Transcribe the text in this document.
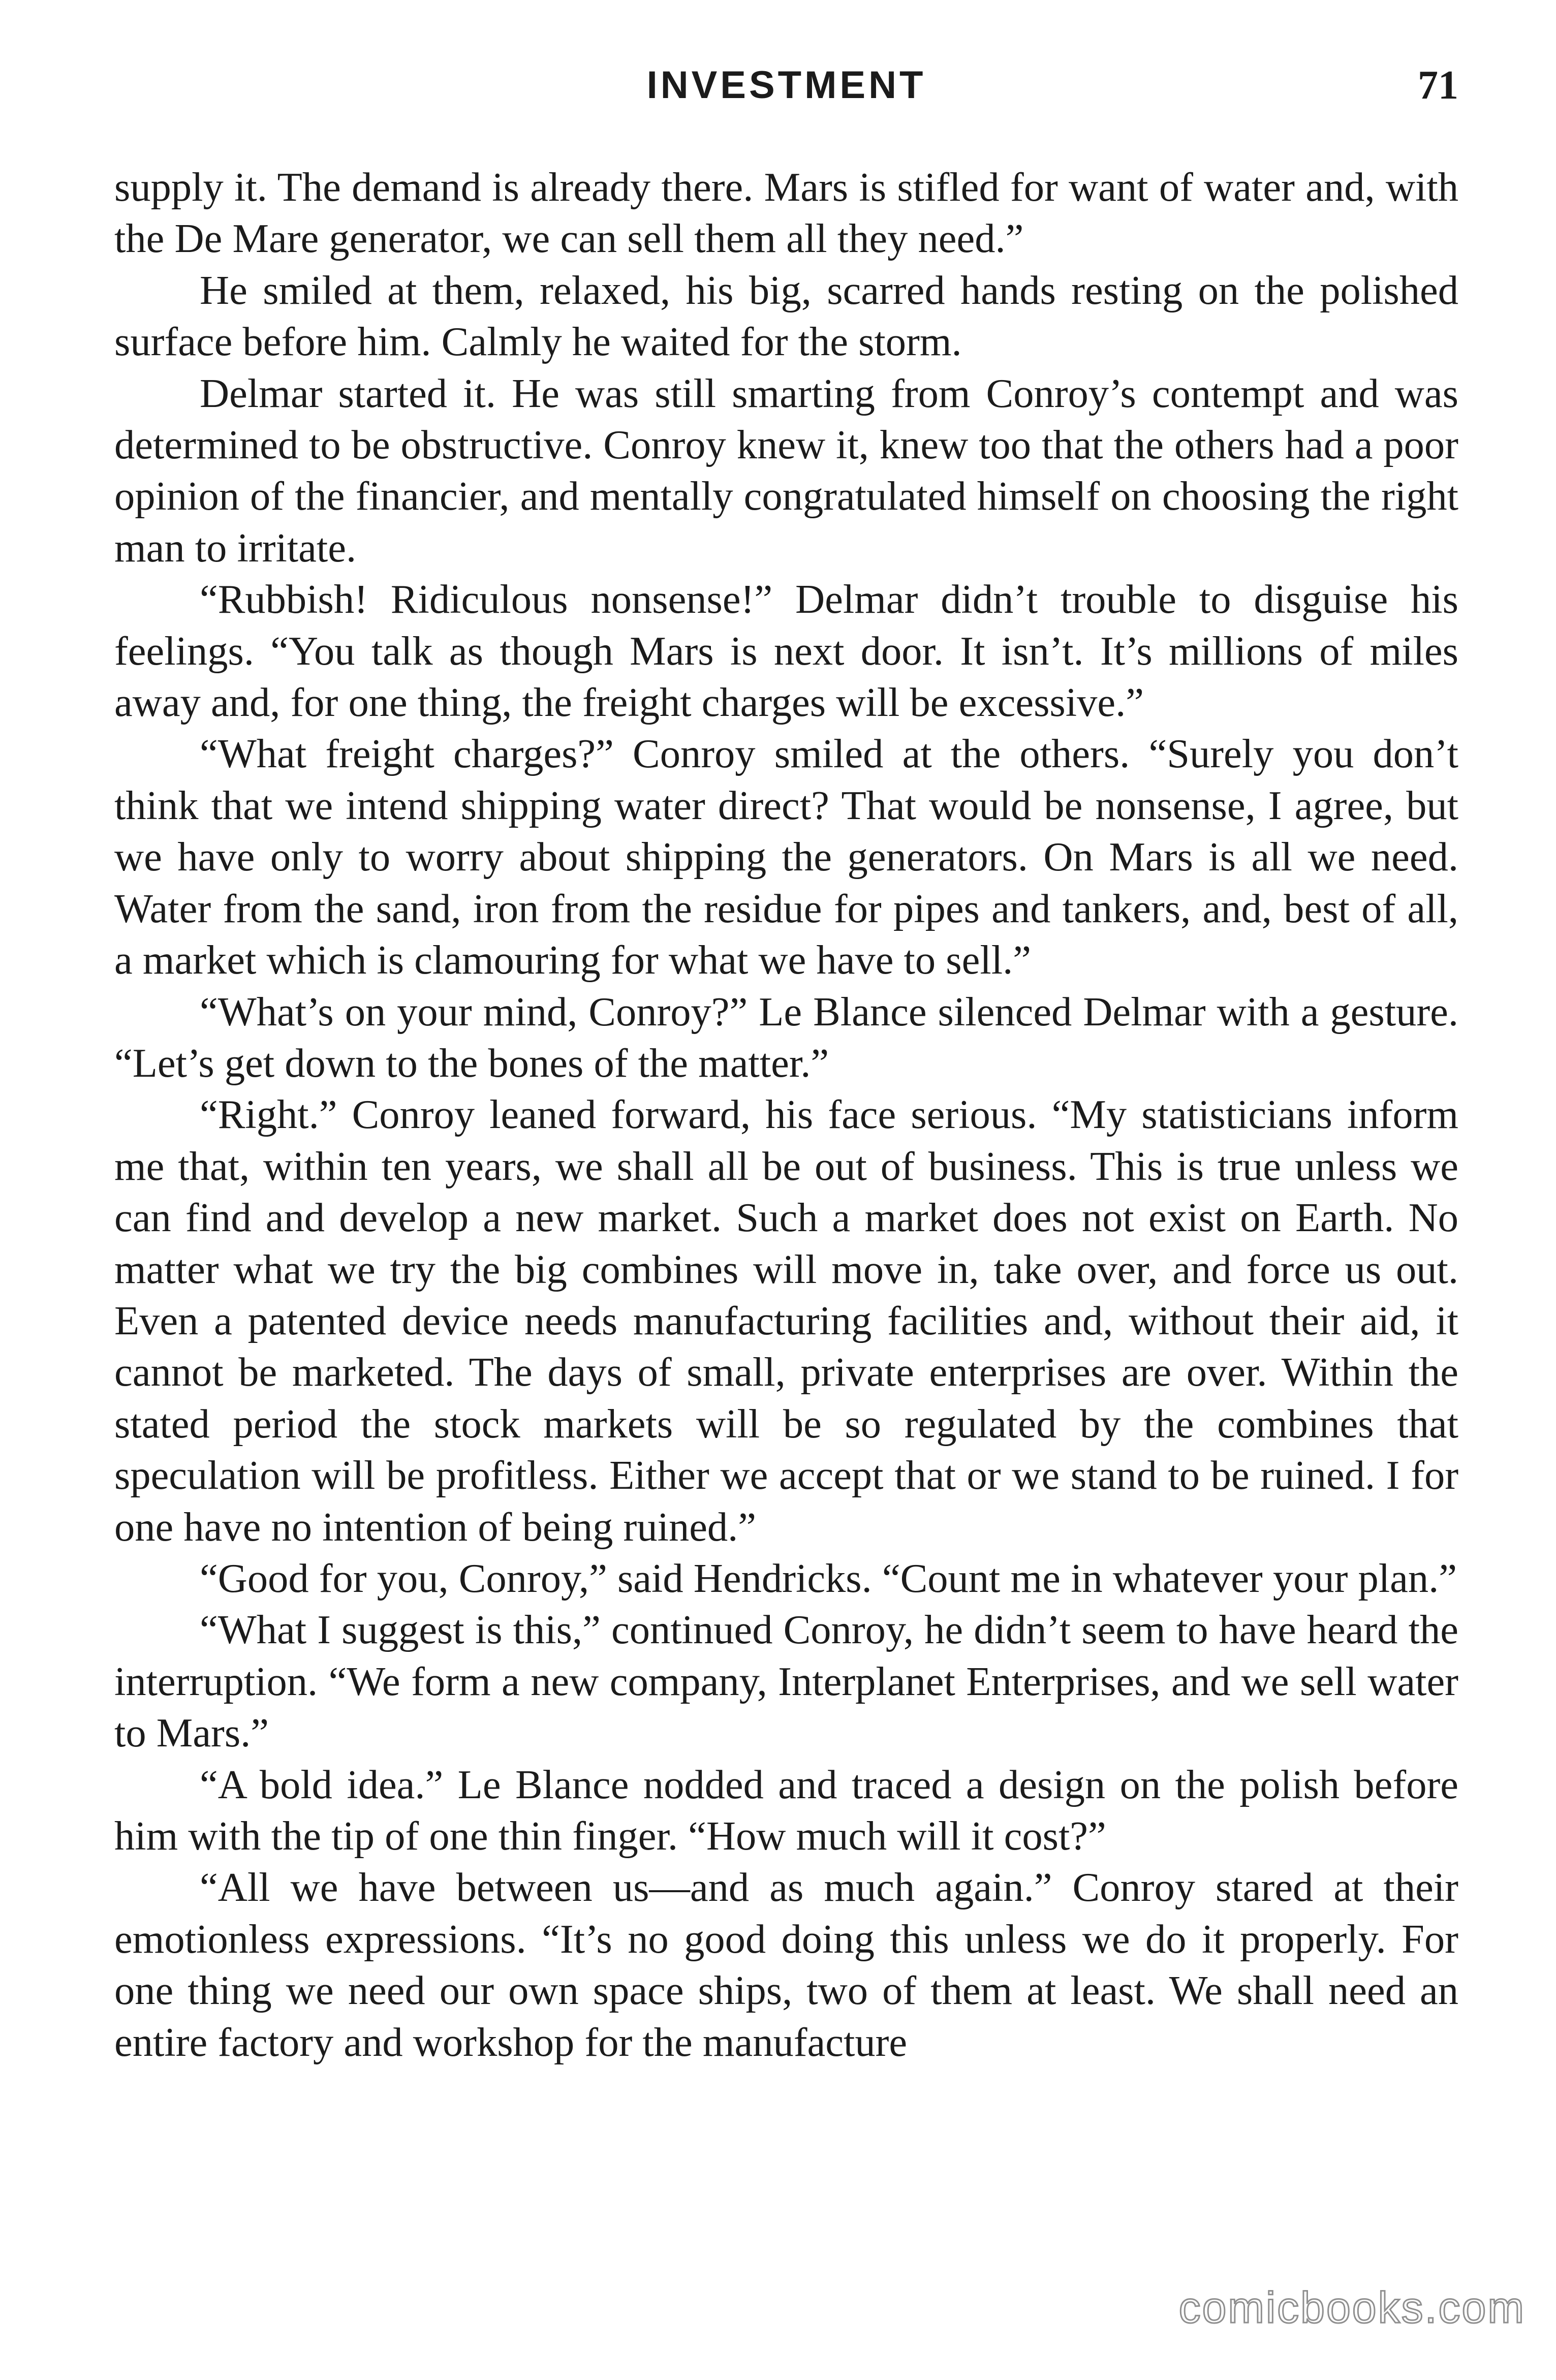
INVESTMENT	71

supply it. The demand is already there. Mars is stifled for want of water and, with the De Mare generator, we can sell them all they need.”

He smiled at them, relaxed, his big, scarred hands resting on the polished surface before him. Calmly he waited for the storm.

Delmar started it. He was still smarting from Conroy’s contempt and was determined to be obstructive. Conroy knew it, knew too that the others had a poor opinion of the financier, and mentally congratulated himself on choosing the right man to irritate.

“Rubbish! Ridiculous nonsense!” Delmar didn’t trouble to disguise his feelings. “You talk as though Mars is next door. It isn’t. It’s millions of miles away and, for one thing, the freight charges will be excessive.”

“What freight charges?” Conroy smiled at the others. “Surely you don’t think that we intend shipping water direct? That would be nonsense, I agree, but we have only to worry about shipping the generators. On Mars is all we need. Water from the sand, iron from the residue for pipes and tankers, and, best of all, a market which is clamouring for what we have to sell.”

“What’s on your mind, Conroy?” Le Blance silenced Delmar with a gesture. “Let’s get down to the bones of the matter.”

“Right.” Conroy leaned forward, his face serious. “My statisticians inform me that, within ten years, we shall all be out of business. This is true unless we can find and develop a new market. Such a market does not exist on Earth. No matter what we try the big combines will move in, take over, and force us out. Even a patented device needs manufacturing facilities and, without their aid, it cannot be marketed. The days of small, private enterprises are over. Within the stated period the stock markets will be so regulated by the combines that speculation will be profitless. Either we accept that or we stand to be ruined. I for one have no intention of being ruined.”

“Good for you, Conroy,” said Hendricks. “Count me in whatever your plan.”

“What I suggest is this,” continued Conroy, he didn’t seem to have heard the interruption. “We form a new company, Interplanet Enterprises, and we sell water to Mars.”

“A bold idea.” Le Blance nodded and traced a design on the polish before him with the tip of one thin finger. “How much will it cost?”

“All we have between us—and as much again.” Conroy stared at their emotionless expressions. “It’s no good doing this unless we do it properly. For one thing we need our own space ships, two of them at least. We shall need an entire factory and workshop for the manufacture

comicbooks.com
